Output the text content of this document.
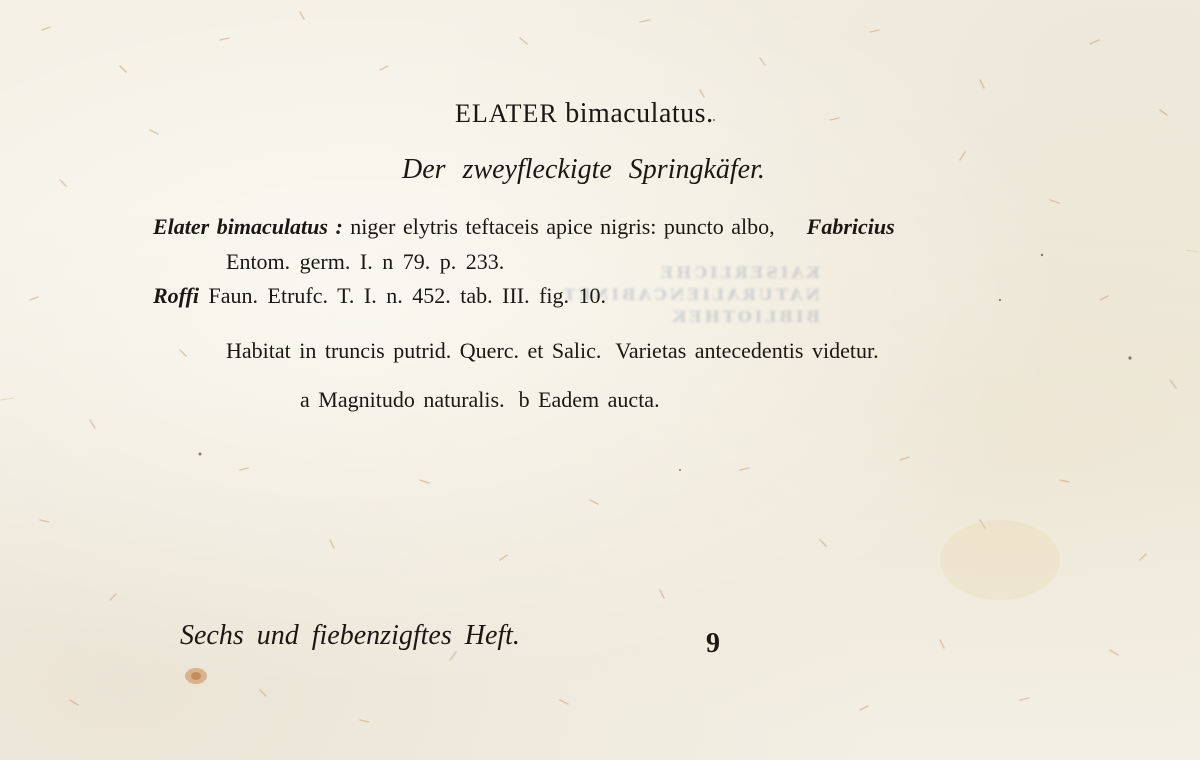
KAISERLICHE
NATURALIENCABINET
BIBLIOTHEK
ELATER bimaculatus.
Der zweyfleckigte Springkäfer.
Elater bimaculatus : niger elytris teftaceis apice nigris: puncto albo, Fabricius
Entom. germ. I. n 79. p. 233.
Roffi Faun. Etrufc. T. I. n. 452. tab. III. fig. 10.
Habitat in truncis putrid. Querc. et Salic. Varietas antecedentis videtur.
a Magnitudo naturalis. b Eadem aucta.
Sechs und fiebenzigftes Heft.	9
